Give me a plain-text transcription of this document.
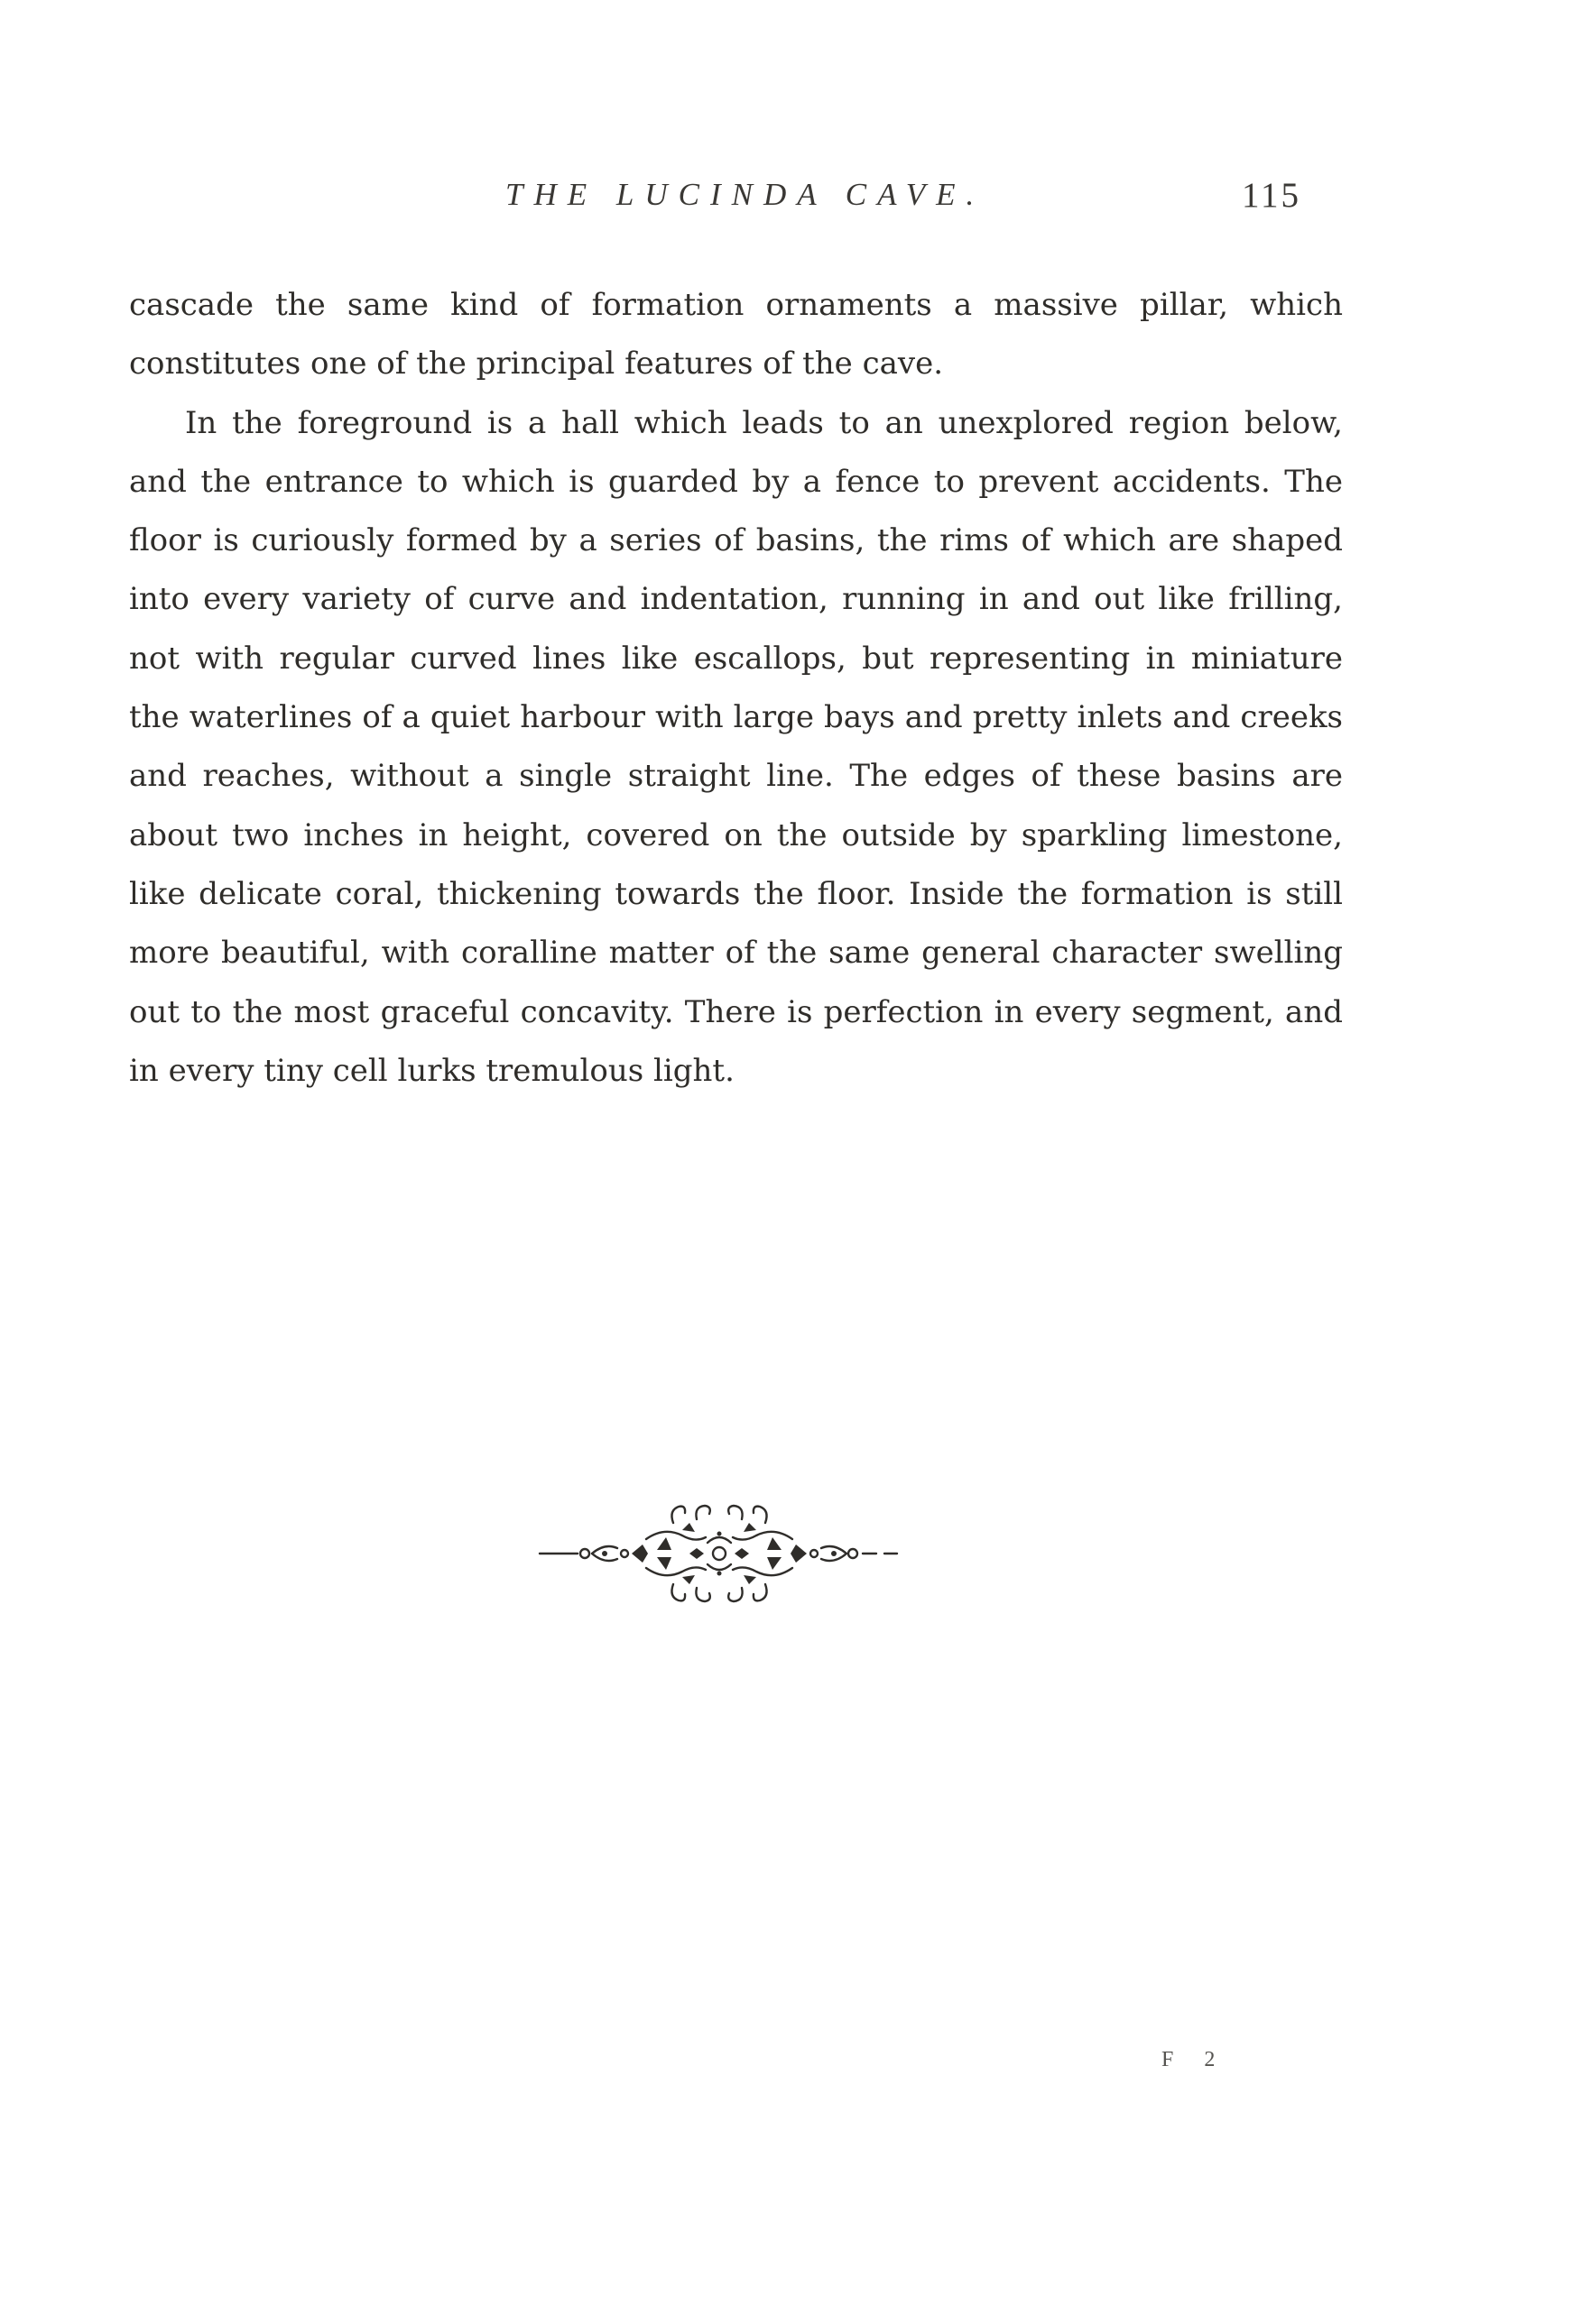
THE LUCINDA CAVE.	115

cascade the same kind of formation ornaments a massive pillar, which constitutes one of the principal features of the cave.

In the foreground is a hall which leads to an unexplored region below, and the entrance to which is guarded by a fence to prevent accidents. The floor is curiously formed by a series of basins, the rims of which are shaped into every variety of curve and indentation, running in and out like frilling, not with regular curved lines like escallops, but representing in miniature the waterlines of a quiet harbour with large bays and pretty inlets and creeks and reaches, without a single straight line. The edges of these basins are about two inches in height, covered on the outside by sparkling limestone, like delicate coral, thickening towards the floor. Inside the formation is still more beautiful, with coralline matter of the same general character swelling out to the most graceful concavity. There is perfection in every segment, and in every tiny cell lurks tremulous light.

F 2
